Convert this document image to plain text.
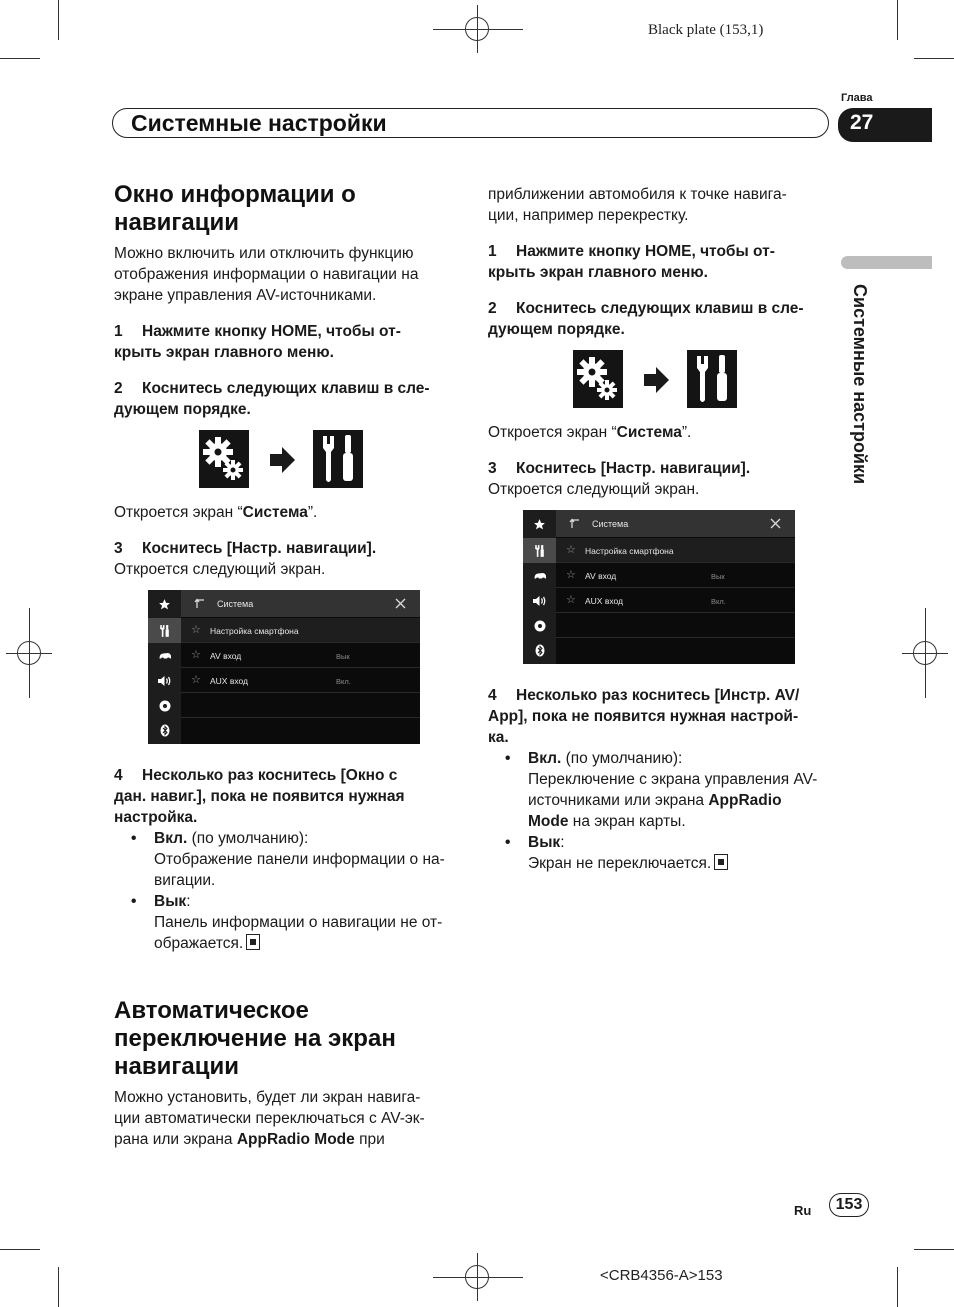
Black plate (153,1)
<CRB4356-A>153
Глава
Системные настройки	27
Системные настройки
Окно информации о
навигации
Можно включить или отключить функцию
отображения информации о навигации на
экране управления AV-источниками.
1 Нажмите кнопку HOME, чтобы от-
крыть экран главного меню.
2 Коснитесь следующих клавиш в сле-
дующем порядке.
Откроется экран “Система”.
3 Коснитесь [Настр. навигации].
Откроется следующий экран.
Система
☆ Настройка смартфона
☆ AV вход	Вык
☆ AUX вход	Вкл.
4 Несколько раз коснитесь [Окно с
дан. навиг.], пока не появится нужная
настройка.
• Вкл. (по умолчанию):
Отображение панели информации о на-
вигации.
• Вык:
Панель информации о навигации не от-
ображается.
Автоматическое
переключение на экран
навигации
Можно установить, будет ли экран навига-
ции автоматически переключаться с AV-эк-
рана или экрана AppRadio Mode при
приближении автомобиля к точке навига-
ции, например перекрестку.
1 Нажмите кнопку HOME, чтобы от-
крыть экран главного меню.
2 Коснитесь следующих клавиш в сле-
дующем порядке.
Откроется экран “Система”.
3 Коснитесь [Настр. навигации].
Откроется следующий экран.
Система
☆ Настройка смартфона
☆ AV вход	Вык
☆ AUX вход	Вкл.
4 Несколько раз коснитесь [Инстр. AV/
App], пока не появится нужная настрой-
ка.
• Вкл. (по умолчанию):
Переключение с экрана управления AV-
источниками или экрана AppRadio
Mode на экран карты.
• Вык:
Экран не переключается.
Ru	153
